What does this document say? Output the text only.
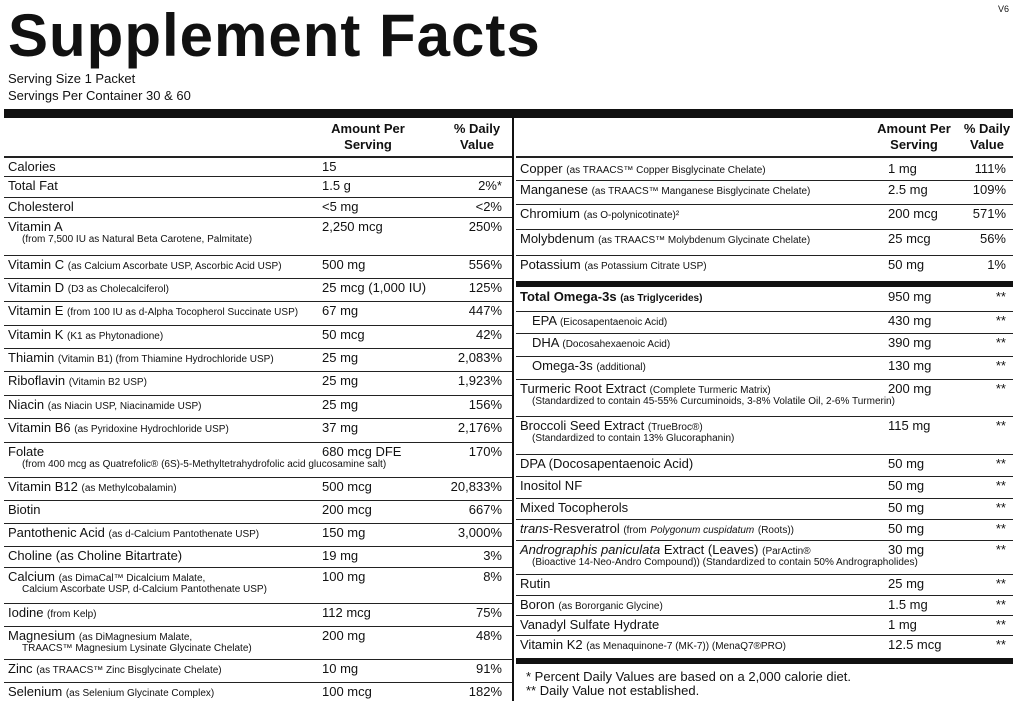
Supplement Facts	V6
Serving Size 1 Packet
Servings Per Container 30 & 60
Amount Per
Serving
% Daily
Value
Calories	15
Total Fat	1.5 g	2%*
Cholesterol	<5 mg	<2%
Vitamin A
(from 7,500 IU as Natural Beta Carotene, Palmitate)
2,250 mcg	250%
Vitamin C (as Calcium Ascorbate USP, Ascorbic Acid USP)	500 mg	556%
Vitamin D (D3 as Cholecalciferol)	25 mcg (1,000 IU)	125%
Vitamin E (from 100 IU as d-Alpha Tocopherol Succinate USP) 67 mg	447%
Vitamin K (K1 as Phytonadione)	50 mcg	42%
Thiamin (Vitamin B1) (from Thiamine Hydrochloride USP)	25 mg	2,083%
Riboflavin (Vitamin B2 USP)	25 mg	1,923%
Niacin (as Niacin USP, Niacinamide USP)	25 mg	156%
Vitamin B6 (as Pyridoxine Hydrochloride USP)	37 mg	2,176%
Folate
(from 400 mcg as Quatrefolic® (6S)-5-Methyltetrahydrofolic acid glucosamine salt)
680 mcg DFE	170%
Vitamin B12 (as Methylcobalamin)	500 mcg	20,833%
Biotin	200 mcg	667%
Pantothenic Acid (as d-Calcium Pantothenate USP)	150 mg	3,000%
Choline (as Choline Bitartrate)	19 mg	3%
Calcium (as DimaCal™ Dicalcium Malate,
Calcium Ascorbate USP, d-Calcium Pantothenate USP)
100 mg	8%
Iodine (from Kelp)	112 mcg	75%
Magnesium (as DiMagnesium Malate,
TRAACS™ Magnesium Lysinate Glycinate Chelate)
200 mg	48%
Zinc (as TRAACS™ Zinc Bisglycinate Chelate)	10 mg	91%
Selenium (as Selenium Glycinate Complex)	100 mcg	182%
Amount Per
Serving
% Daily
Value
Copper (as TRAACS™ Copper Bisglycinate Chelate)	1 mg	111%
Manganese (as TRAACS™ Manganese Bisglycinate Chelate)	2.5 mg	109%
Chromium (as O-polynicotinate)²	200 mcg	571%
Molybdenum (as TRAACS™ Molybdenum Glycinate Chelate)	25 mcg	56%
Potassium (as Potassium Citrate USP)	50 mg	1%
Total Omega-3s (as Triglycerides)	950 mg	**
EPA (Eicosapentaenoic Acid)	430 mg	**
DHA (Docosahexaenoic Acid)	390 mg	**
Omega-3s (additional)	130 mg	**
Turmeric Root Extract (Complete Turmeric Matrix)
(Standardized to contain 45-55% Curcuminoids, 3-8% Volatile Oil, 2-6% Turmerin)
200 mg	**
Broccoli Seed Extract (TrueBroc®)
(Standardized to contain 13% Glucoraphanin)
115 mg	**
DPA (Docosapentaenoic Acid)	50 mg	**
Inositol NF	50 mg	**
Mixed Tocopherols	50 mg	**
trans-Resveratrol (from Polygonum cuspidatum (Roots))	50 mg	**
Andrographis paniculata Extract (Leaves) (ParActin®
(Bioactive 14-Neo-Andro Compound)) (Standardized to contain 50% Andrographolides)
30 mg	**
Rutin	25 mg	**
Boron (as Bororganic Glycine)	1.5 mg	**
Vanadyl Sulfate Hydrate	1 mg	**
Vitamin K2 (as Menaquinone-7 (MK-7)) (MenaQ7®PRO)	12.5 mcg	**
* Percent Daily Values are based on a 2,000 calorie diet.
** Daily Value not established.
